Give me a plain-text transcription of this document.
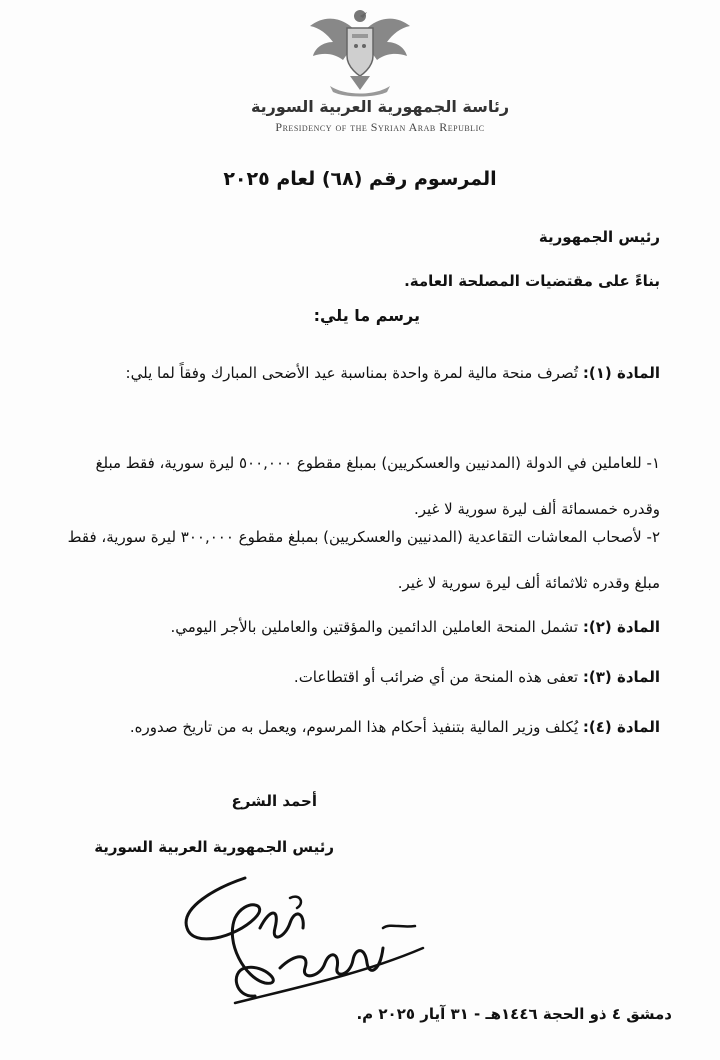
رئاسة الجمهورية العربية السورية
Presidency of the Syrian Arab Republic
المرسوم رقم (٦٨) لعام ٢٠٢٥
رئيس الجمهورية
بناءً على مقتضيات المصلحة العامة.
يرسم ما يلي:
المادة (١): تُصرف منحة مالية لمرة واحدة بمناسبة عيد الأضحى المبارك وفقاً لما يلي:
١- للعاملين في الدولة (المدنيين والعسكريين) بمبلغ مقطوع ٥٠٠,٠٠٠ ليرة سورية، فقط مبلغ وقدره خمسمائة ألف ليرة سورية لا غير.
٢- لأصحاب المعاشات التقاعدية (المدنيين والعسكريين) بمبلغ مقطوع ٣٠٠,٠٠٠ ليرة سورية، فقط مبلغ وقدره ثلاثمائة ألف ليرة سورية لا غير.
المادة (٢): تشمل المنحة العاملين الدائمين والمؤقتين والعاملين بالأجر اليومي.
المادة (٣): تعفى هذه المنحة من أي ضرائب أو اقتطاعات.
المادة (٤): يُكلف وزير المالية بتنفيذ أحكام هذا المرسوم، ويعمل به من تاريخ صدوره.
أحمد الشرع
رئيس الجمهورية العربية السورية
دمشق ٤ ذو الحجة ١٤٤٦هـ - ٣١ آيار ٢٠٢٥ م.
